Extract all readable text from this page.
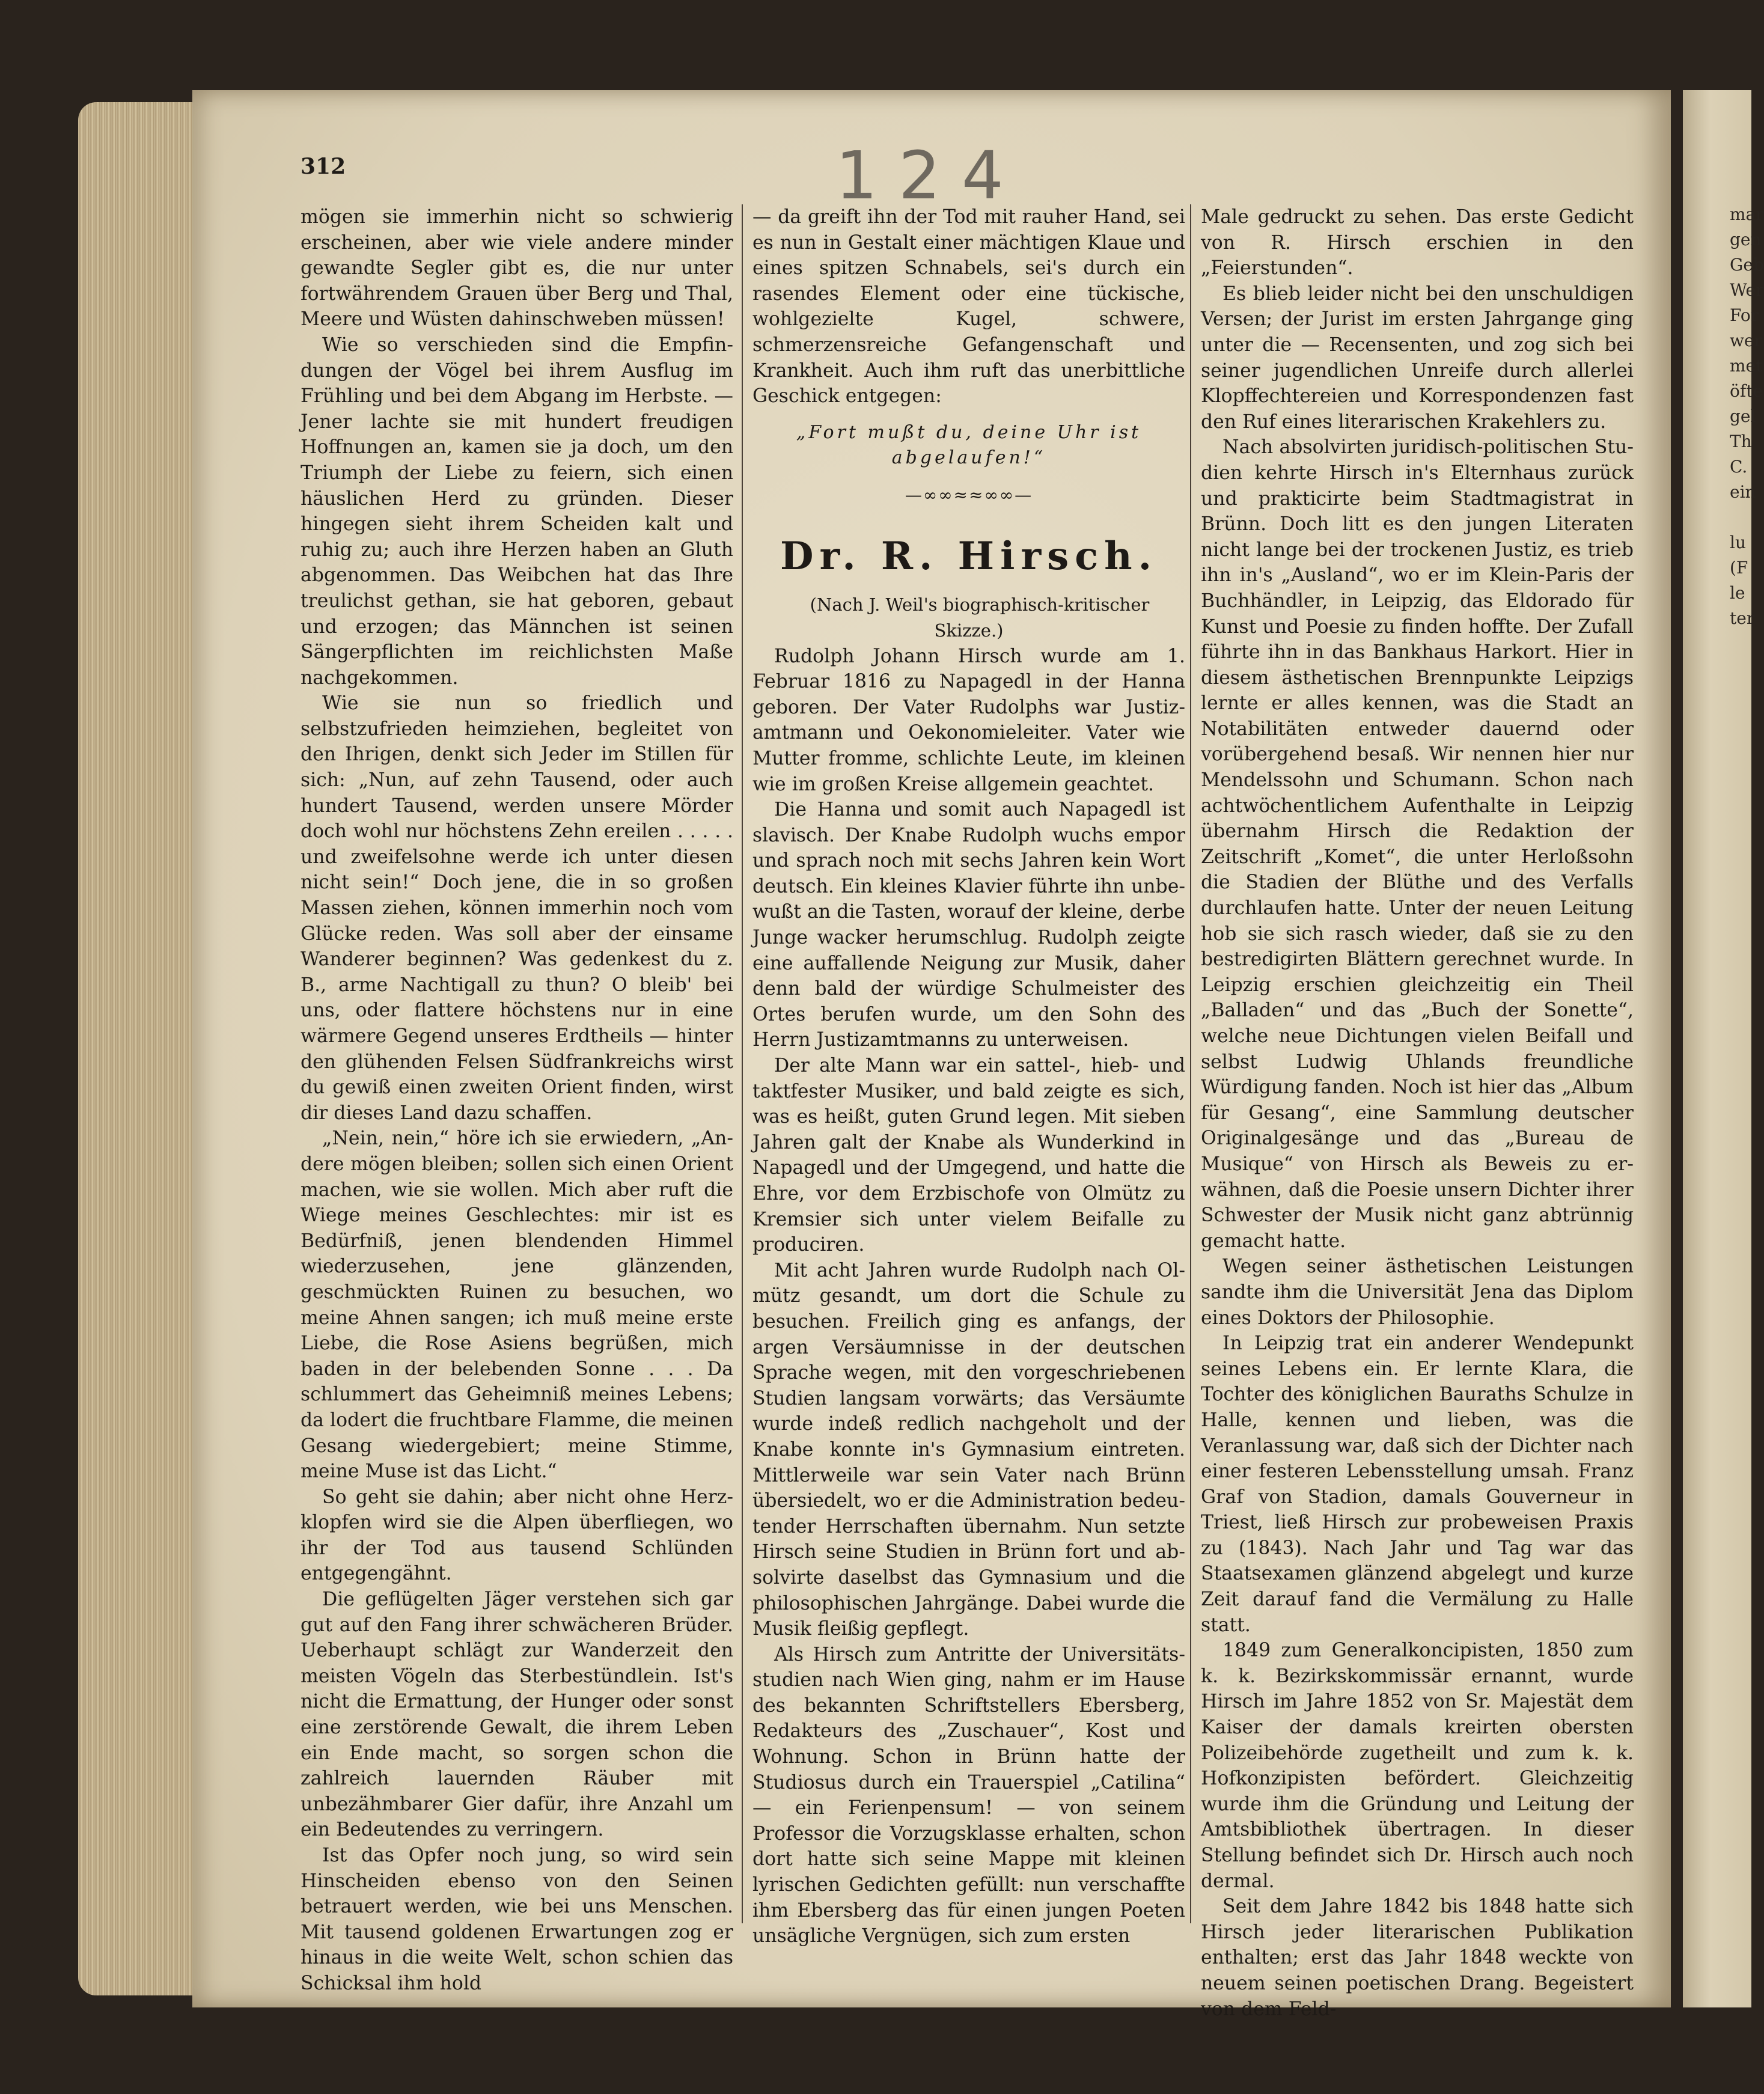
mar
gen
Geb
Wer
For
wer
met
öfte
gel
Th
C.
ein
lu
(F
le
ter
312	1 2 4

mögen sie immerhin nicht so schwierig erscheinen, aber wie viele andere minder gewandte Segler gibt es, die nur unter fortwährendem Grauen über Berg und Thal, Meere und Wüsten dahinschweben müssen!

Wie so verschieden sind die Empfindungen der Vögel bei ihrem Ausflug im Frühling und bei dem Abgang im Herbste. — Jener lachte sie mit hundert freudigen Hoffnungen an, kamen sie ja doch, um den Triumph der Liebe zu feiern, sich einen häuslichen Herd zu gründen. Dieser hingegen sieht ihrem Scheiden kalt und ruhig zu; auch ihre Herzen haben an Gluth abgenommen. Das Weibchen hat das Ihre treulichst gethan, sie hat geboren, gebaut und erzogen; das Männchen ist seinen Sängerpflichten im reichlichsten Maße nachgekommen.

Wie sie nun so friedlich und selbstzufrieden heimziehen, begleitet von den Ihrigen, denkt sich Jeder im Stillen für sich: „Nun, auf zehn Tausend, oder auch hundert Tausend, werden unsere Mörder doch wohl nur höchstens Zehn ereilen . . . . . und zweifelsohne werde ich unter diesen nicht sein!“ Doch jene, die in so großen Massen ziehen, können immerhin noch vom Glücke reden. Was soll aber der einsame Wanderer beginnen? Was gedenkest du z. B., arme Nachtigall zu thun? O bleib' bei uns, oder flattere höchstens nur in eine wärmere Gegend unseres Erdtheils — hinter den glühenden Felsen Südfrankreichs wirst du gewiß einen zweiten Orient finden, wirst dir dieses Land dazu schaffen.

„Nein, nein,“ höre ich sie erwiedern, „Andere mögen bleiben; sollen sich einen Orient machen, wie sie wollen. Mich aber ruft die Wiege meines Geschlechtes: mir ist es Bedürfniß, jenen blendenden Himmel wiederzusehen, jene glänzenden, geschmückten Ruinen zu besuchen, wo meine Ahnen sangen; ich muß meine erste Liebe, die Rose Asiens begrüßen, mich baden in der belebenden Sonne . . . Da schlummert das Geheimniß meines Lebens; da lodert die fruchtbare Flamme, die meinen Gesang wiedergebiert; meine Stimme, meine Muse ist das Licht.“

So geht sie dahin; aber nicht ohne Herzklopfen wird sie die Alpen überfliegen, wo ihr der Tod aus tausend Schlünden entgegengähnt.

Die geflügelten Jäger verstehen sich gar gut auf den Fang ihrer schwächeren Brüder. Ueberhaupt schlägt zur Wanderzeit den meisten Vögeln das Sterbestündlein. Ist's nicht die Ermattung, der Hunger oder sonst eine zerstörende Gewalt, die ihrem Leben ein Ende macht, so sorgen schon die zahlreich lauernden Räuber mit unbezähmbarer Gier dafür, ihre Anzahl um ein Bedeutendes zu verringern.

Ist das Opfer noch jung, so wird sein Hinscheiden ebenso von den Seinen betrauert werden, wie bei uns Menschen. Mit tausend goldenen Erwartungen zog er hinaus in die weite Welt, schon schien das Schicksal ihm hold

— da greift ihn der Tod mit rauher Hand, sei es nun in Gestalt einer mächtigen Klaue und eines spitzen Schnabels, sei's durch ein rasendes Element oder eine tückische, wohlgezielte Kugel, schwere, schmerzensreiche Gefangenschaft und Krankheit. Auch ihm ruft das unerbittliche Geschick entgegen:

„Fort mußt du, deine Uhr ist abgelaufen!“
—∞∞≈≈∞∞—
Dr. R. Hirsch.

(Nach J. Weil's biographisch-kritischer Skizze.)

Rudolph Johann Hirsch wurde am 1. Februar 1816 zu Napagedl in der Hanna geboren. Der Vater Rudolphs war Justizamtmann und Oekonomieleiter. Vater wie Mutter fromme, schlichte Leute, im kleinen wie im großen Kreise allgemein geachtet.

Die Hanna und somit auch Napagedl ist slavisch. Der Knabe Rudolph wuchs empor und sprach noch mit sechs Jahren kein Wort deutsch. Ein kleines Klavier führte ihn unbewußt an die Tasten, worauf der kleine, derbe Junge wacker herumschlug. Rudolph zeigte eine auffallende Neigung zur Musik, daher denn bald der würdige Schulmeister des Ortes berufen wurde, um den Sohn des Herrn Justizamtmanns zu unterweisen.

Der alte Mann war ein sattel-, hieb- und taktfester Musiker, und bald zeigte es sich, was es heißt, guten Grund legen. Mit sieben Jahren galt der Knabe als Wunderkind in Napagedl und der Umgegend, und hatte die Ehre, vor dem Erzbischofe von Olmütz zu Kremsier sich unter vielem Beifalle zu produciren.

Mit acht Jahren wurde Rudolph nach Olmütz gesandt, um dort die Schule zu besuchen. Freilich ging es anfangs, der argen Versäumnisse in der deutschen Sprache wegen, mit den vorgeschriebenen Studien langsam vorwärts; das Versäumte wurde indeß redlich nachgeholt und der Knabe konnte in's Gymnasium eintreten. Mittlerweile war sein Vater nach Brünn übersiedelt, wo er die Administration bedeutender Herrschaften übernahm. Nun setzte Hirsch seine Studien in Brünn fort und absolvirte daselbst das Gymnasium und die philosophischen Jahrgänge. Dabei wurde die Musik fleißig gepflegt.

Als Hirsch zum Antritte der Universitätsstudien nach Wien ging, nahm er im Hause des bekannten Schriftstellers Ebersberg, Redakteurs des „Zuschauer“, Kost und Wohnung. Schon in Brünn hatte der Studiosus durch ein Trauerspiel „Catilina“ — ein Ferienpensum! — von seinem Professor die Vorzugsklasse erhalten, schon dort hatte sich seine Mappe mit kleinen lyrischen Gedichten gefüllt: nun verschaffte ihm Ebersberg das für einen jungen Poeten unsägliche Vergnügen, sich zum ersten

Male gedruckt zu sehen. Das erste Gedicht von R. Hirsch erschien in den „Feierstunden“.

Es blieb leider nicht bei den unschuldigen Versen; der Jurist im ersten Jahrgange ging unter die — Recensenten, und zog sich bei seiner jugendlichen Unreife durch allerlei Klopffechtereien und Korrespondenzen fast den Ruf eines literarischen Krakehlers zu.

Nach absolvirten juridisch-politischen Studien kehrte Hirsch in's Elternhaus zurück und prakticirte beim Stadtmagistrat in Brünn. Doch litt es den jungen Literaten nicht lange bei der trockenen Justiz, es trieb ihn in's „Ausland“, wo er im Klein-Paris der Buchhändler, in Leipzig, das Eldorado für Kunst und Poesie zu finden hoffte. Der Zufall führte ihn in das Bankhaus Harkort. Hier in diesem ästhetischen Brennpunkte Leipzigs lernte er alles kennen, was die Stadt an Notabilitäten entweder dauernd oder vorübergehend besaß. Wir nennen hier nur Mendelssohn und Schumann. Schon nach achtwöchentlichem Aufenthalte in Leipzig übernahm Hirsch die Redaktion der Zeitschrift „Komet“, die unter Herloßsohn die Stadien der Blüthe und des Verfalls durchlaufen hatte. Unter der neuen Leitung hob sie sich rasch wieder, daß sie zu den bestredigirten Blättern gerechnet wurde. In Leipzig erschien gleichzeitig ein Theil „Balladen“ und das „Buch der Sonette“, welche neue Dichtungen vielen Beifall und selbst Ludwig Uhlands freundliche Würdigung fanden. Noch ist hier das „Album für Gesang“, eine Sammlung deutscher Originalgesänge und das „Bureau de Musique“ von Hirsch als Beweis zu erwähnen, daß die Poesie unsern Dichter ihrer Schwester der Musik nicht ganz abtrünnig gemacht hatte.

Wegen seiner ästhetischen Leistungen sandte ihm die Universität Jena das Diplom eines Doktors der Philosophie.

In Leipzig trat ein anderer Wendepunkt seines Lebens ein. Er lernte Klara, die Tochter des königlichen Bauraths Schulze in Halle, kennen und lieben, was die Veranlassung war, daß sich der Dichter nach einer festeren Lebensstellung umsah. Franz Graf von Stadion, damals Gouverneur in Triest, ließ Hirsch zur probeweisen Praxis zu (1843). Nach Jahr und Tag war das Staatsexamen glänzend abgelegt und kurze Zeit darauf fand die Vermälung zu Halle statt.

1849 zum Generalkoncipisten, 1850 zum k. k. Bezirkskommissär ernannt, wurde Hirsch im Jahre 1852 von Sr. Majestät dem Kaiser der damals kreirten obersten Polizeibehörde zugetheilt und zum k. k. Hofkonzipisten befördert. Gleichzeitig wurde ihm die Gründung und Leitung der Amtsbibliothek übertragen. In dieser Stellung befindet sich Dr. Hirsch auch noch dermal.

Seit dem Jahre 1842 bis 1848 hatte sich Hirsch jeder literarischen Publikation enthalten; erst das Jahr 1848 weckte von neuem seinen poetischen Drang. Begeistert von dem Feld-
